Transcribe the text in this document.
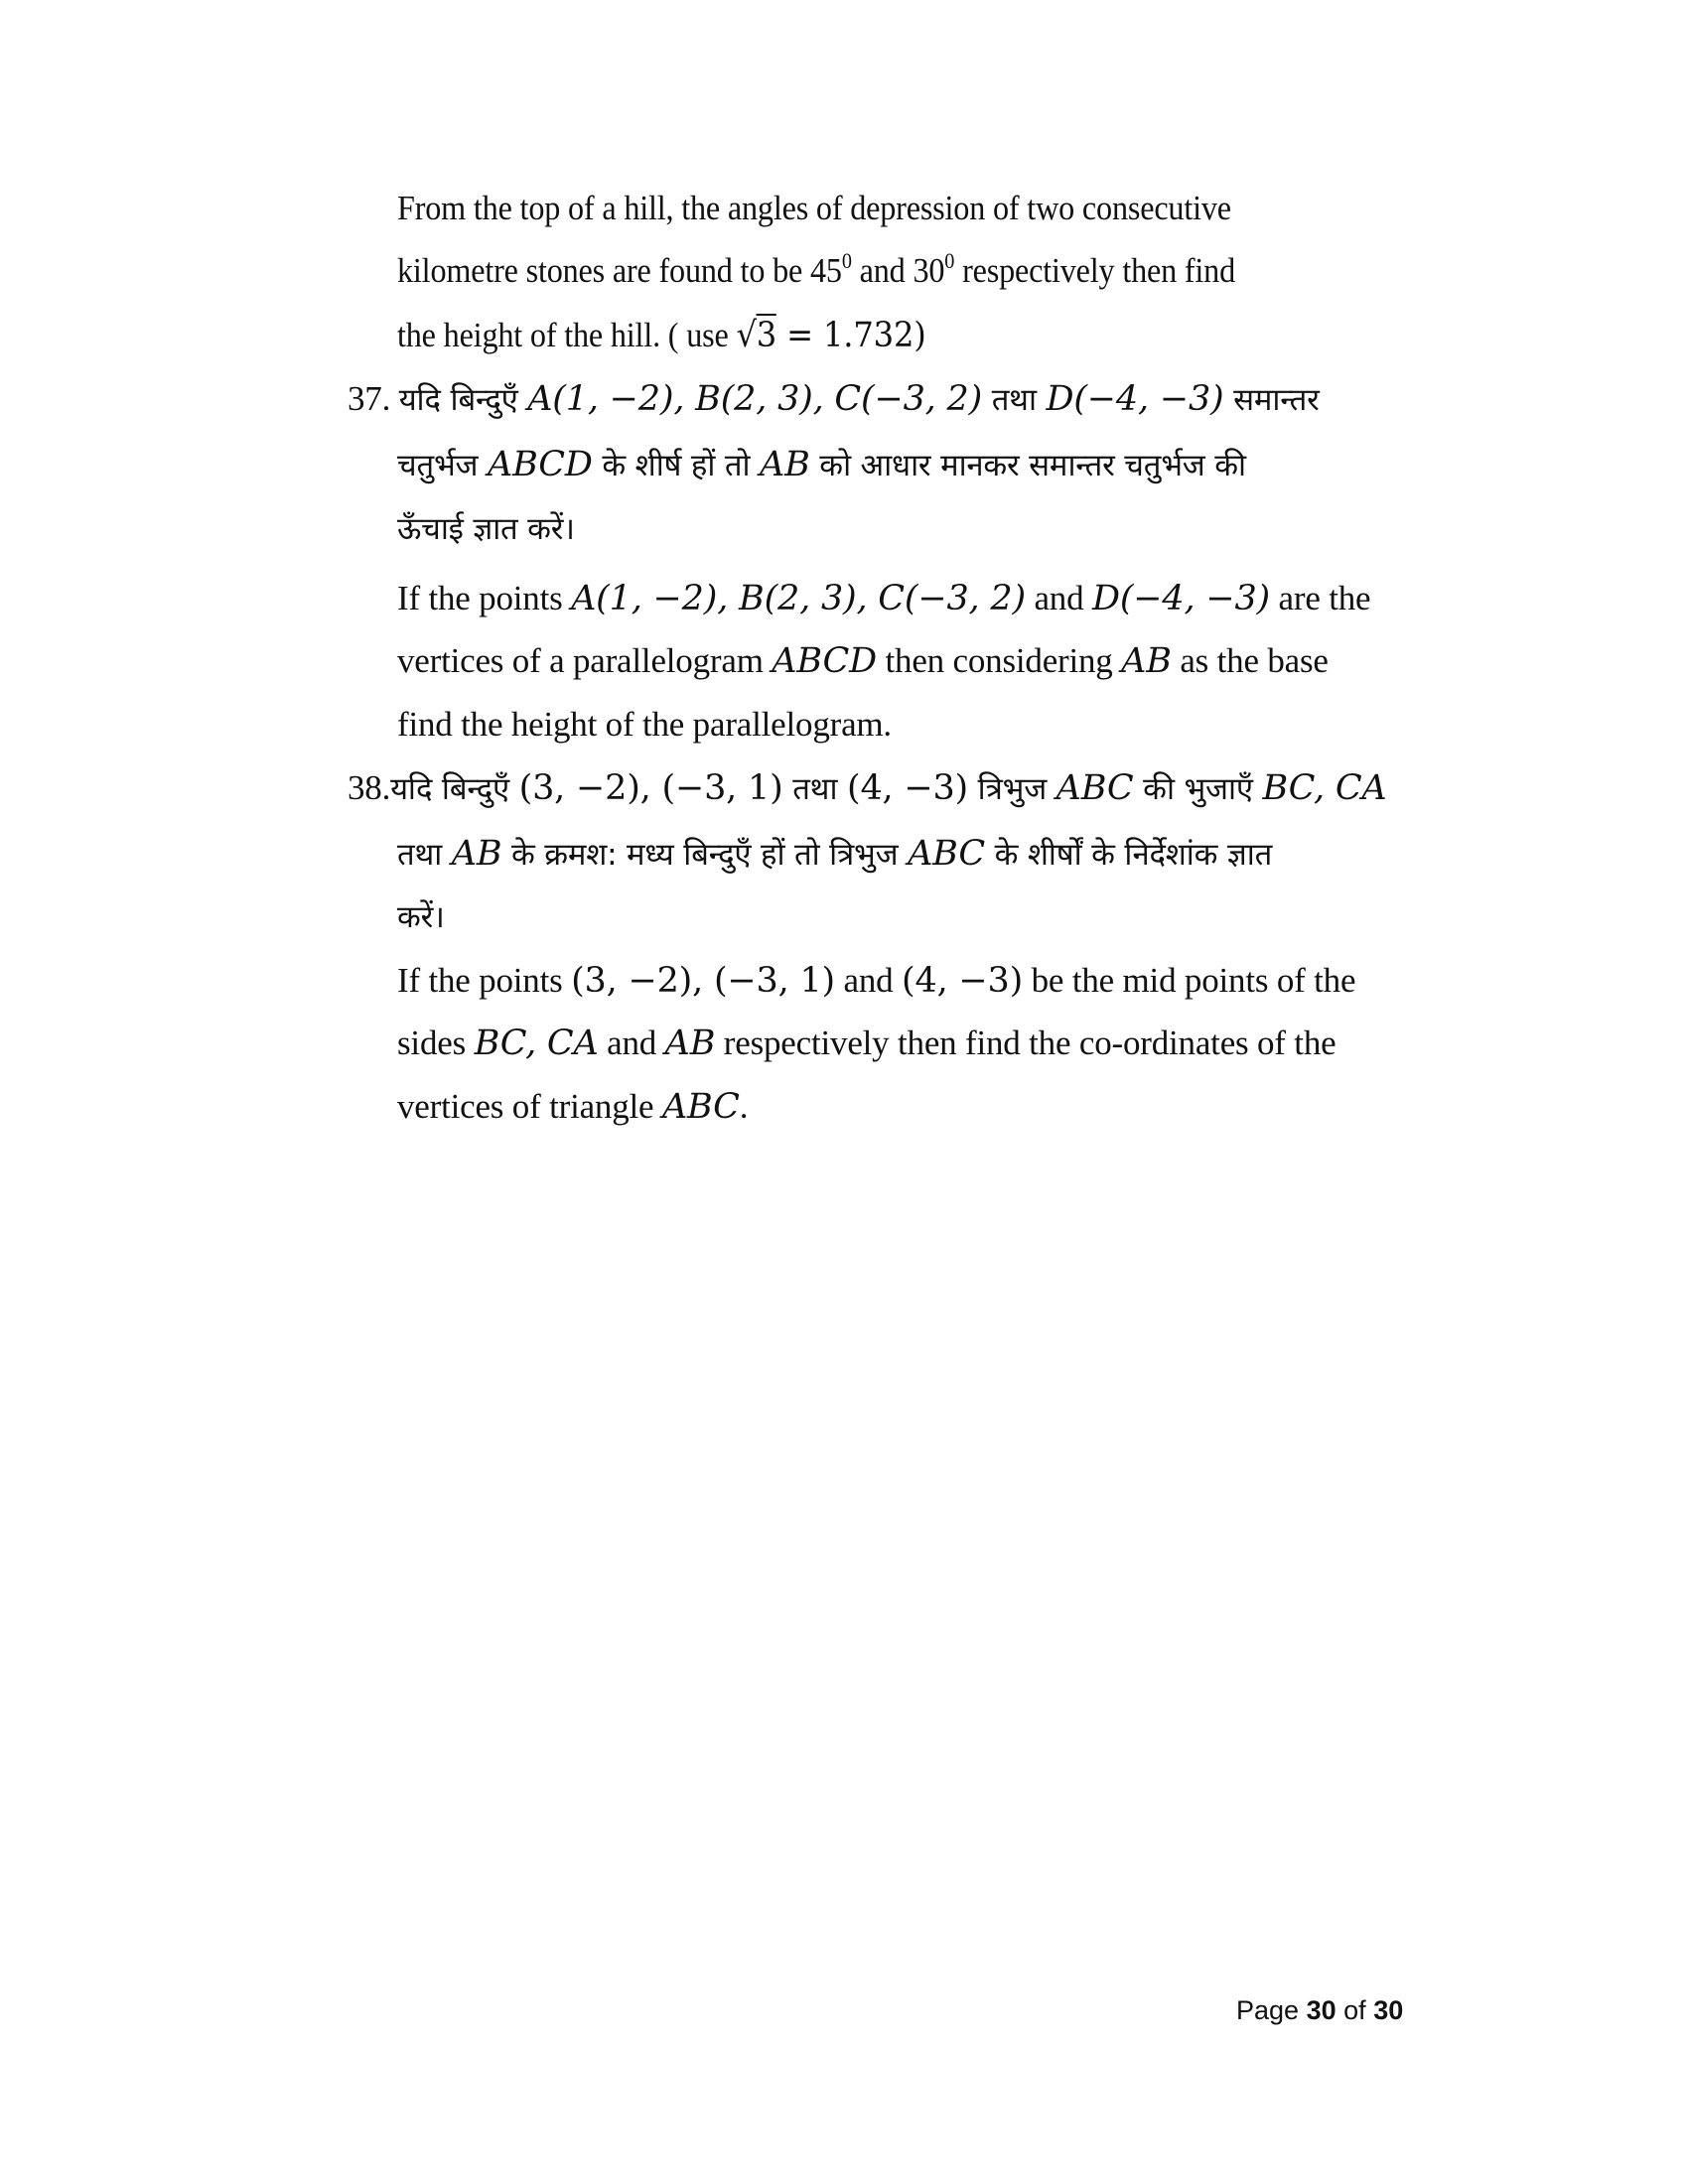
From the top of a hill, the angles of depression of two consecutive
kilometre stones are found to be $45^0$ and $30^0$ respectively then find
the height of the hill. ( use √3 = 1.732)
37. यदि बिन्दुएँ A(1, −2), B(2, 3), C(−3, 2) तथा D(−4, −3) समान्तर
चतुर्भज ABCD के शीर्ष हों तो AB को आधार मानकर समान्तर चतुर्भज की
ऊँचाई ज्ञात करें।
If the points A(1, −2), B(2, 3), C(−3, 2) and D(−4, −3) are the
vertices of a parallelogram ABCD then considering AB as the base
find the height of the parallelogram.
38.यदि बिन्दुएँ (3, −2), (−3, 1) तथा (4, −3) त्रिभुज ABC की भुजाएँ BC, CA
तथा AB के क्रमश: मध्य बिन्दुएँ हों तो त्रिभुज ABC के शीर्षों के निर्देशांक ज्ञात
करें।
If the points (3, −2), (−3, 1) and (4, −3) be the mid points of the
sides BC, CA and AB respectively then find the co-ordinates of the
vertices of triangle ABC.
Page 30 of 30
